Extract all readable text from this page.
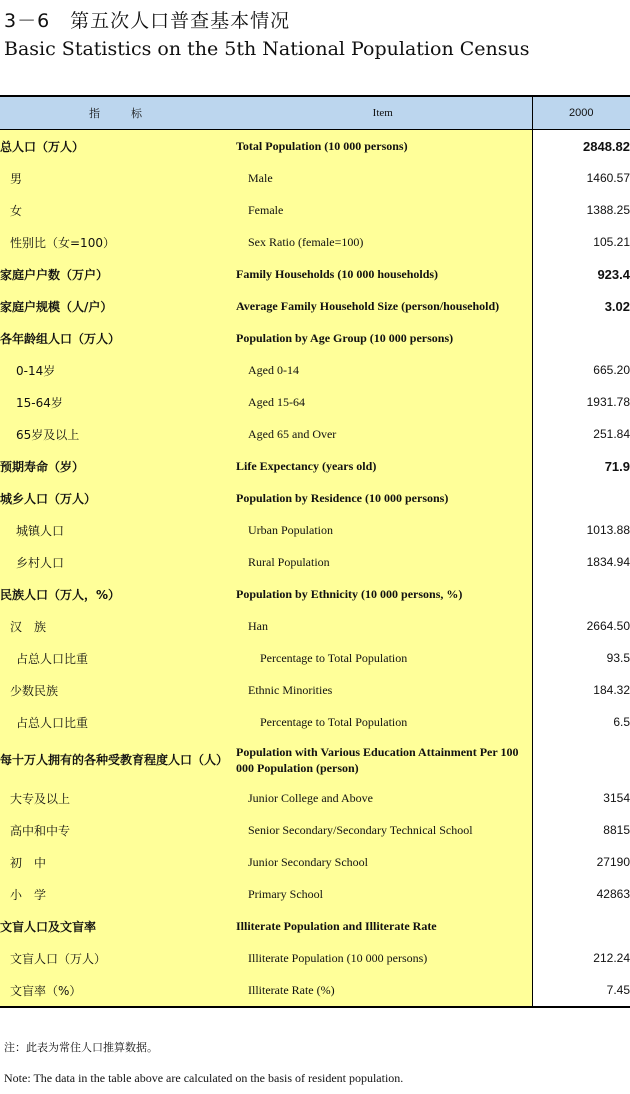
3－6　第五次人口普查基本情况
Basic Statistics on the 5th National Population Census
指　　标	Item	2000
总人口（万人）	Total Population (10 000 persons)	2848.82
男	Male	1460.57
女	Female	1388.25
性别比（女=100）	Sex Ratio (female=100)	105.21
家庭户户数（万户）	Family Households (10 000 households)	923.4
家庭户规模（人/户）	Average Family Household Size (person/household)	3.02
各年龄组人口（万人）	Population by Age Group (10 000 persons)	
0-14岁	Aged 0-14	665.20
15-64岁	Aged 15-64	1931.78
65岁及以上	Aged 65 and Over	251.84
预期寿命（岁）	Life Expectancy (years old)	71.9
城乡人口（万人）	Population by Residence (10 000 persons)	
城镇人口	Urban Population	1013.88
乡村人口	Rural Population	1834.94
民族人口（万人，%）	Population by Ethnicity (10 000 persons, %)	
汉　族	Han	2664.50
占总人口比重	Percentage to Total Population	93.5
少数民族	Ethnic Minorities	184.32
占总人口比重	Percentage to Total Population	6.5
每十万人拥有的各种受教育程度人口（人）	Population with Various Education Attainment Per 100 000 Population (person)	
大专及以上	Junior College and Above	3154
高中和中专	Senior Secondary/Secondary Technical School	8815
初　中	Junior Secondary School	27190
小　学	Primary School	42863
文盲人口及文盲率	Illiterate Population and Illiterate Rate	
文盲人口（万人）	Illiterate Population (10 000 persons)	212.24
文盲率（%）	Illiterate Rate (%)	7.45
注：此表为常住人口推算数据。
Note: The data in the table above are calculated on the basis of resident population.
